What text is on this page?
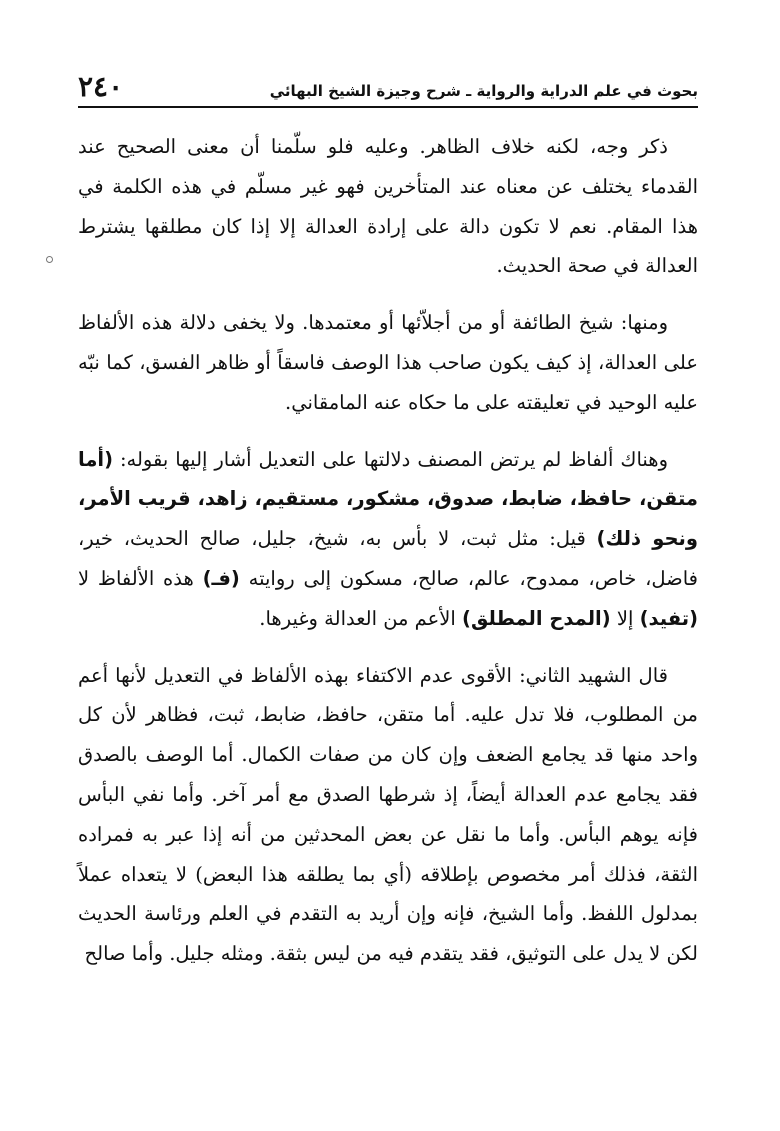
٢٤٠	بحوث في علم الدراية والرواية ـ شرح وجيزة الشيخ البهائي

ذكر وجه، لكنه خلاف الظاهر. وعليه فلو سلّمنا أن معنى الصحيح عند القدماء يختلف عن معناه عند المتأخرين فهو غير مسلّم في هذه الكلمة في هذا المقام. نعم لا تكون دالة على إرادة العدالة إلا إذا كان مطلقها يشترط العدالة في صحة الحديث.

ومنها: شيخ الطائفة أو من أجلاّئها أو معتمدها. ولا يخفى دلالة هذه الألفاظ على العدالة، إذ كيف يكون صاحب هذا الوصف فاسقاً أو ظاهر الفسق، كما نبّه عليه الوحيد في تعليقته على ما حكاه عنه المامقاني.

وهناك ألفاظ لم يرتض المصنف دلالتها على التعديل أشار إليها بقوله: (أما متقن، حافظ، ضابط، صدوق، مشكور، مستقيم، زاهد، قريب الأمر، ونحو ذلك) قيل: مثل ثبت، لا بأس به، شيخ، جليل، صالح الحديث، خير، فاضل، خاص، ممدوح، عالم، صالح، مسكون إلى روايته (فـ) هذه الألفاظ لا (تفيد) إلا (المدح المطلق) الأعم من العدالة وغيرها.

قال الشهيد الثاني: الأقوى عدم الاكتفاء بهذه الألفاظ في التعديل لأنها أعم من المطلوب، فلا تدل عليه. أما متقن، حافظ، ضابط، ثبت، فظاهر لأن كل واحد منها قد يجامع الضعف وإن كان من صفات الكمال. أما الوصف بالصدق فقد يجامع عدم العدالة أيضاً، إذ شرطها الصدق مع أمر آخر. وأما نفي البأس فإنه يوهم البأس. وأما ما نقل عن بعض المحدثين من أنه إذا عبر به فمراده الثقة، فذلك أمر مخصوص بإطلاقه (أي بما يطلقه هذا البعض) لا يتعداه عملاً بمدلول اللفظ. وأما الشيخ، فإنه وإن أريد به التقدم في العلم ورئاسة الحديث لكن لا يدل على التوثيق، فقد يتقدم فيه من ليس بثقة. ومثله جليل. وأما صالح
